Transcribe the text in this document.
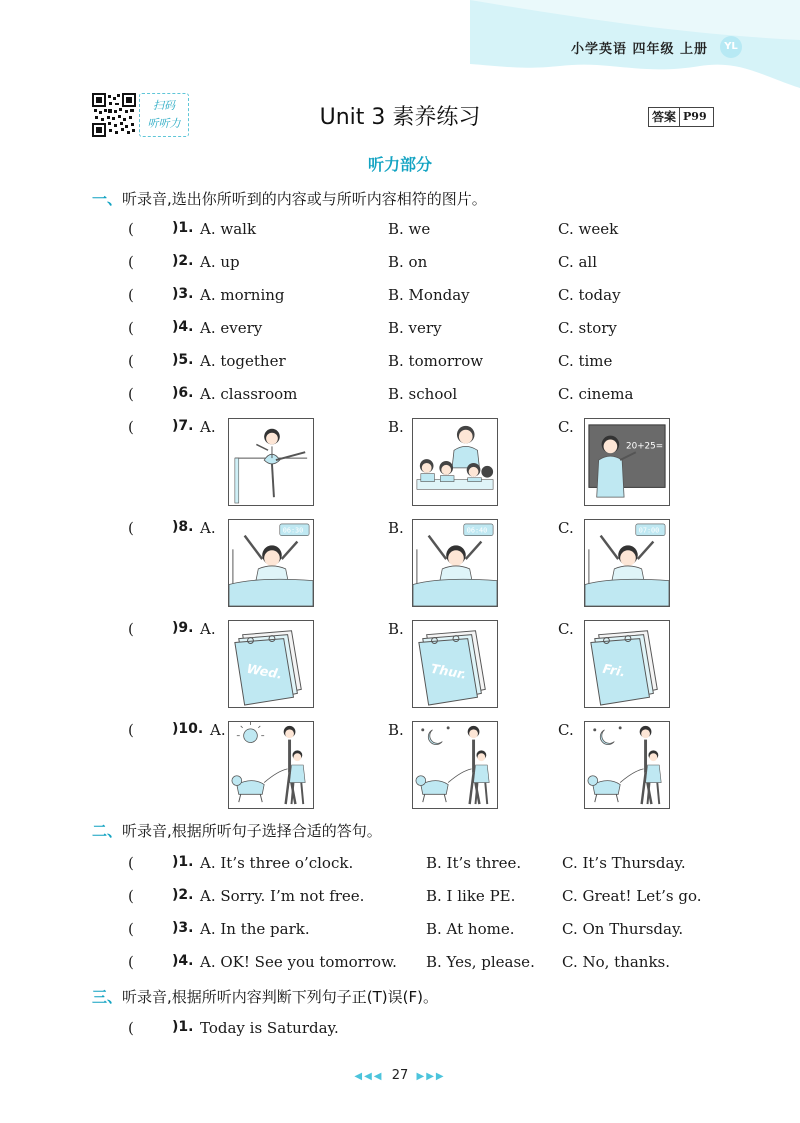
小学英语 四年级 上册	YL
扫码
听听力	Unit 3 素养练习	答案 P99
听力部分
一、听录音,选出你所听到的内容或与所听内容相符的图片。
(	)1. A. walk	B. we	C. week
(	)2. A. up	B. on	C. all
(	)3. A. morning	B. Monday	C. today
(	)4. A. every	B. very	C. story
(	)5. A. together	B. tomorrow	C. time
(	)6. A. classroom	B. school	C. cinema
(	)7. A.	B.	C.
(	)8. A.	B.	C.
(	)9. A.	B.	C.
(	)10. A.	B.	C.
二、听录音,根据所听句子选择合适的答句。
(	)1. A. It’s three o’clock.	B. It’s three.	C. It’s Thursday.
(	)2. A. Sorry. I’m not free.	B. I like PE.	C. Great! Let’s go.
(	)3. A. In the park.	B. At home.	C. On Thursday.
(	)4. A. OK! See you tomorrow. B. Yes, please. C. No, thanks.
三、听录音,根据所听内容判断下列句子正(T)误(F)。
(	)1. Today is Saturday.
◀◀◀ 27 ▶▶▶
20+25=
06:30	06:40	07:00
Wed.	Thur.	Fri.
